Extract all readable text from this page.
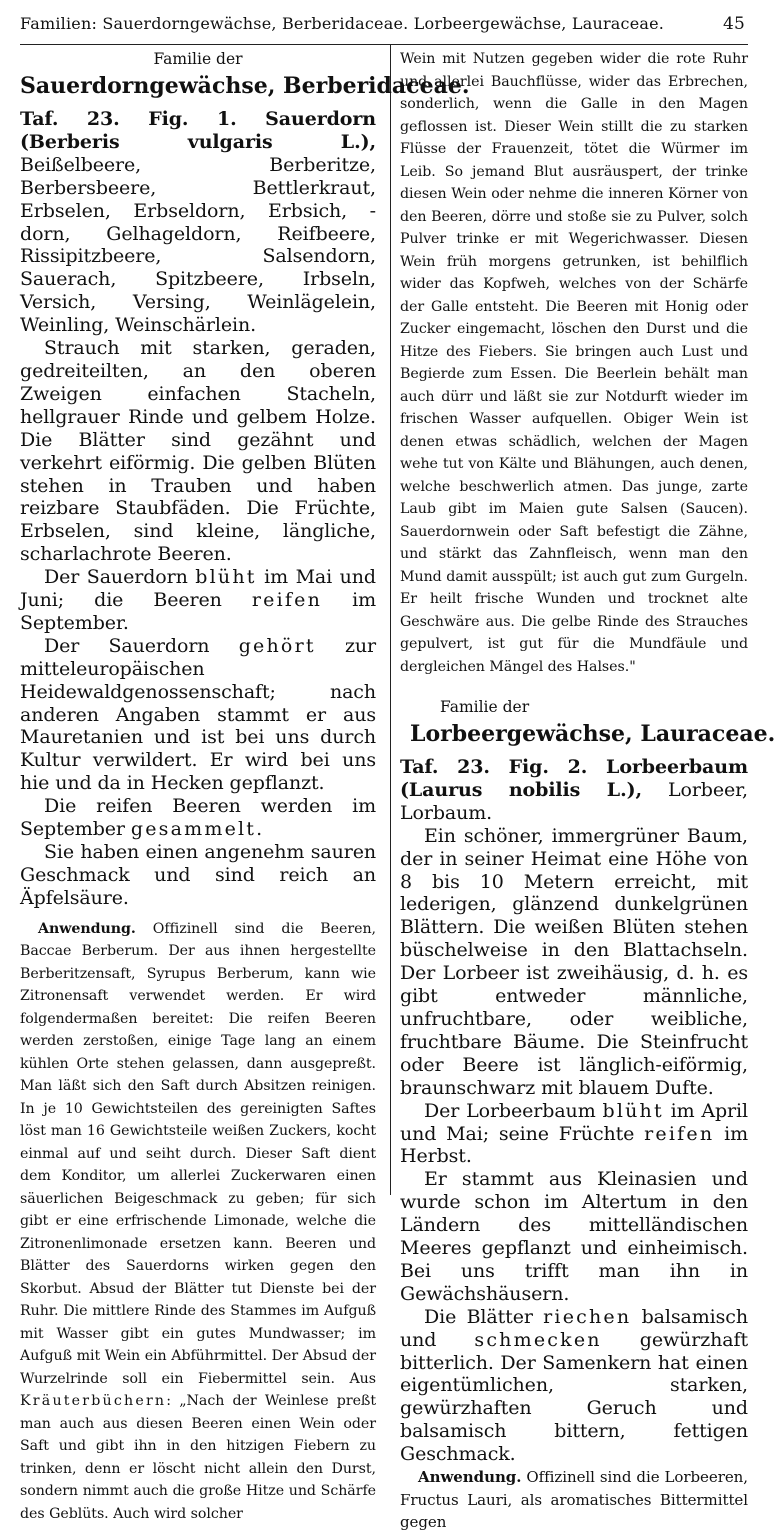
Familien: Sauerdorngewächse, Berberidaceae. Lorbeergewächse, Lauraceae.	45

Familie der

Sauerdorngewächse, Berberidaceae.

Taf. 23. Fig. 1. Sauerdorn (Berberis vulgaris L.), Beißelbeere, Berberitze, Berbersbeere, Bettlerkraut, Erbselen, Erbseldorn, Erbsich, -dorn, Gelhageldorn, Reifbeere, Rissipitzbeere, Salsendorn, Sauerach, Spitzbeere, Irbseln, Versich, Versing, Weinlägelein, Weinling, Weinschärlein.

Strauch mit starken, geraden, gedreiteilten, an den oberen Zweigen einfachen Stacheln, hellgrauer Rinde und gelbem Holze. Die Blätter sind gezähnt und verkehrt eiförmig. Die gelben Blüten stehen in Trauben und haben reizbare Staubfäden. Die Früchte, Erbselen, sind kleine, längliche, scharlachrote Beeren.

Der Sauerdorn blüht im Mai und Juni; die Beeren reifen im September.

Der Sauerdorn gehört zur mitteleuropäischen Heidewaldgenossenschaft; nach anderen Angaben stammt er aus Mauretanien und ist bei uns durch Kultur verwildert. Er wird bei uns hie und da in Hecken gepflanzt.

Die reifen Beeren werden im September gesammelt.

Sie haben einen angenehm sauren Geschmack und sind reich an Äpfelsäure.

Anwendung. Offizinell sind die Beeren, Baccae Berberum. Der aus ihnen hergestellte Berberitzensaft, Syrupus Berberum, kann wie Zitronensaft verwendet werden. Er wird folgendermaßen bereitet: Die reifen Beeren werden zerstoßen, einige Tage lang an einem kühlen Orte stehen gelassen, dann ausgepreßt. Man läßt sich den Saft durch Absitzen reinigen. In je 10 Gewichtsteilen des gereinigten Saftes löst man 16 Gewichtsteile weißen Zuckers, kocht einmal auf und seiht durch. Dieser Saft dient dem Konditor, um allerlei Zuckerwaren einen säuerlichen Beigeschmack zu geben; für sich gibt er eine erfrischende Limonade, welche die Zitronenlimonade ersetzen kann. Beeren und Blätter des Sauerdorns wirken gegen den Skorbut. Absud der Blätter tut Dienste bei der Ruhr. Die mittlere Rinde des Stammes im Aufguß mit Wasser gibt ein gutes Mundwasser; im Aufguß mit Wein ein Abführmittel. Der Absud der Wurzelrinde soll ein Fiebermittel sein. Aus Kräuterbüchern: „Nach der Weinlese preßt man auch aus diesen Beeren einen Wein oder Saft und gibt ihn in den hitzigen Fiebern zu trinken, denn er löscht nicht allein den Durst, sondern nimmt auch die große Hitze und Schärfe des Geblüts. Auch wird solcher

Wein mit Nutzen gegeben wider die rote Ruhr und allerlei Bauchflüsse, wider das Erbrechen, sonderlich, wenn die Galle in den Magen geflossen ist. Dieser Wein stillt die zu starken Flüsse der Frauenzeit, tötet die Würmer im Leib. So jemand Blut ausräuspert, der trinke diesen Wein oder nehme die inneren Körner von den Beeren, dörre und stoße sie zu Pulver, solch Pulver trinke er mit Wegerichwasser. Diesen Wein früh morgens getrunken, ist behilflich wider das Kopfweh, welches von der Schärfe der Galle entsteht. Die Beeren mit Honig oder Zucker eingemacht, löschen den Durst und die Hitze des Fiebers. Sie bringen auch Lust und Begierde zum Essen. Die Beerlein behält man auch dürr und läßt sie zur Notdurft wieder im frischen Wasser aufquellen. Obiger Wein ist denen etwas schädlich, welchen der Magen wehe tut von Kälte und Blähungen, auch denen, welche beschwerlich atmen. Das junge, zarte Laub gibt im Maien gute Salsen (Saucen). Sauerdornwein oder Saft befestigt die Zähne, und stärkt das Zahnfleisch, wenn man den Mund damit ausspült; ist auch gut zum Gurgeln. Er heilt frische Wunden und trocknet alte Geschwäre aus. Die gelbe Rinde des Strauches gepulvert, ist gut für die Mundfäule und dergleichen Mängel des Halses."

Familie der

Lorbeergewächse, Lauraceae.

Taf. 23. Fig. 2. Lorbeerbaum (Laurus nobilis L.), Lorbeer, Lorbaum.

Ein schöner, immergrüner Baum, der in seiner Heimat eine Höhe von 8 bis 10 Metern erreicht, mit lederigen, glänzend dunkelgrünen Blättern. Die weißen Blüten stehen büschelweise in den Blattachseln. Der Lorbeer ist zweihäusig, d. h. es gibt entweder männliche, unfruchtbare, oder weibliche, fruchtbare Bäume. Die Steinfrucht oder Beere ist länglich-eiförmig, braunschwarz mit blauem Dufte.

Der Lorbeerbaum blüht im April und Mai; seine Früchte reifen im Herbst.

Er stammt aus Kleinasien und wurde schon im Altertum in den Ländern des mittelländischen Meeres gepflanzt und einheimisch. Bei uns trifft man ihn in Gewächshäusern.

Die Blätter riechen balsamisch und schmecken gewürzhaft bitterlich. Der Samenkern hat einen eigentümlichen, starken, gewürzhaften Geruch und balsamisch bittern, fettigen Geschmack.

Anwendung. Offizinell sind die Lorbeeren, Fructus Lauri, als aromatisches Bittermittel gegen
